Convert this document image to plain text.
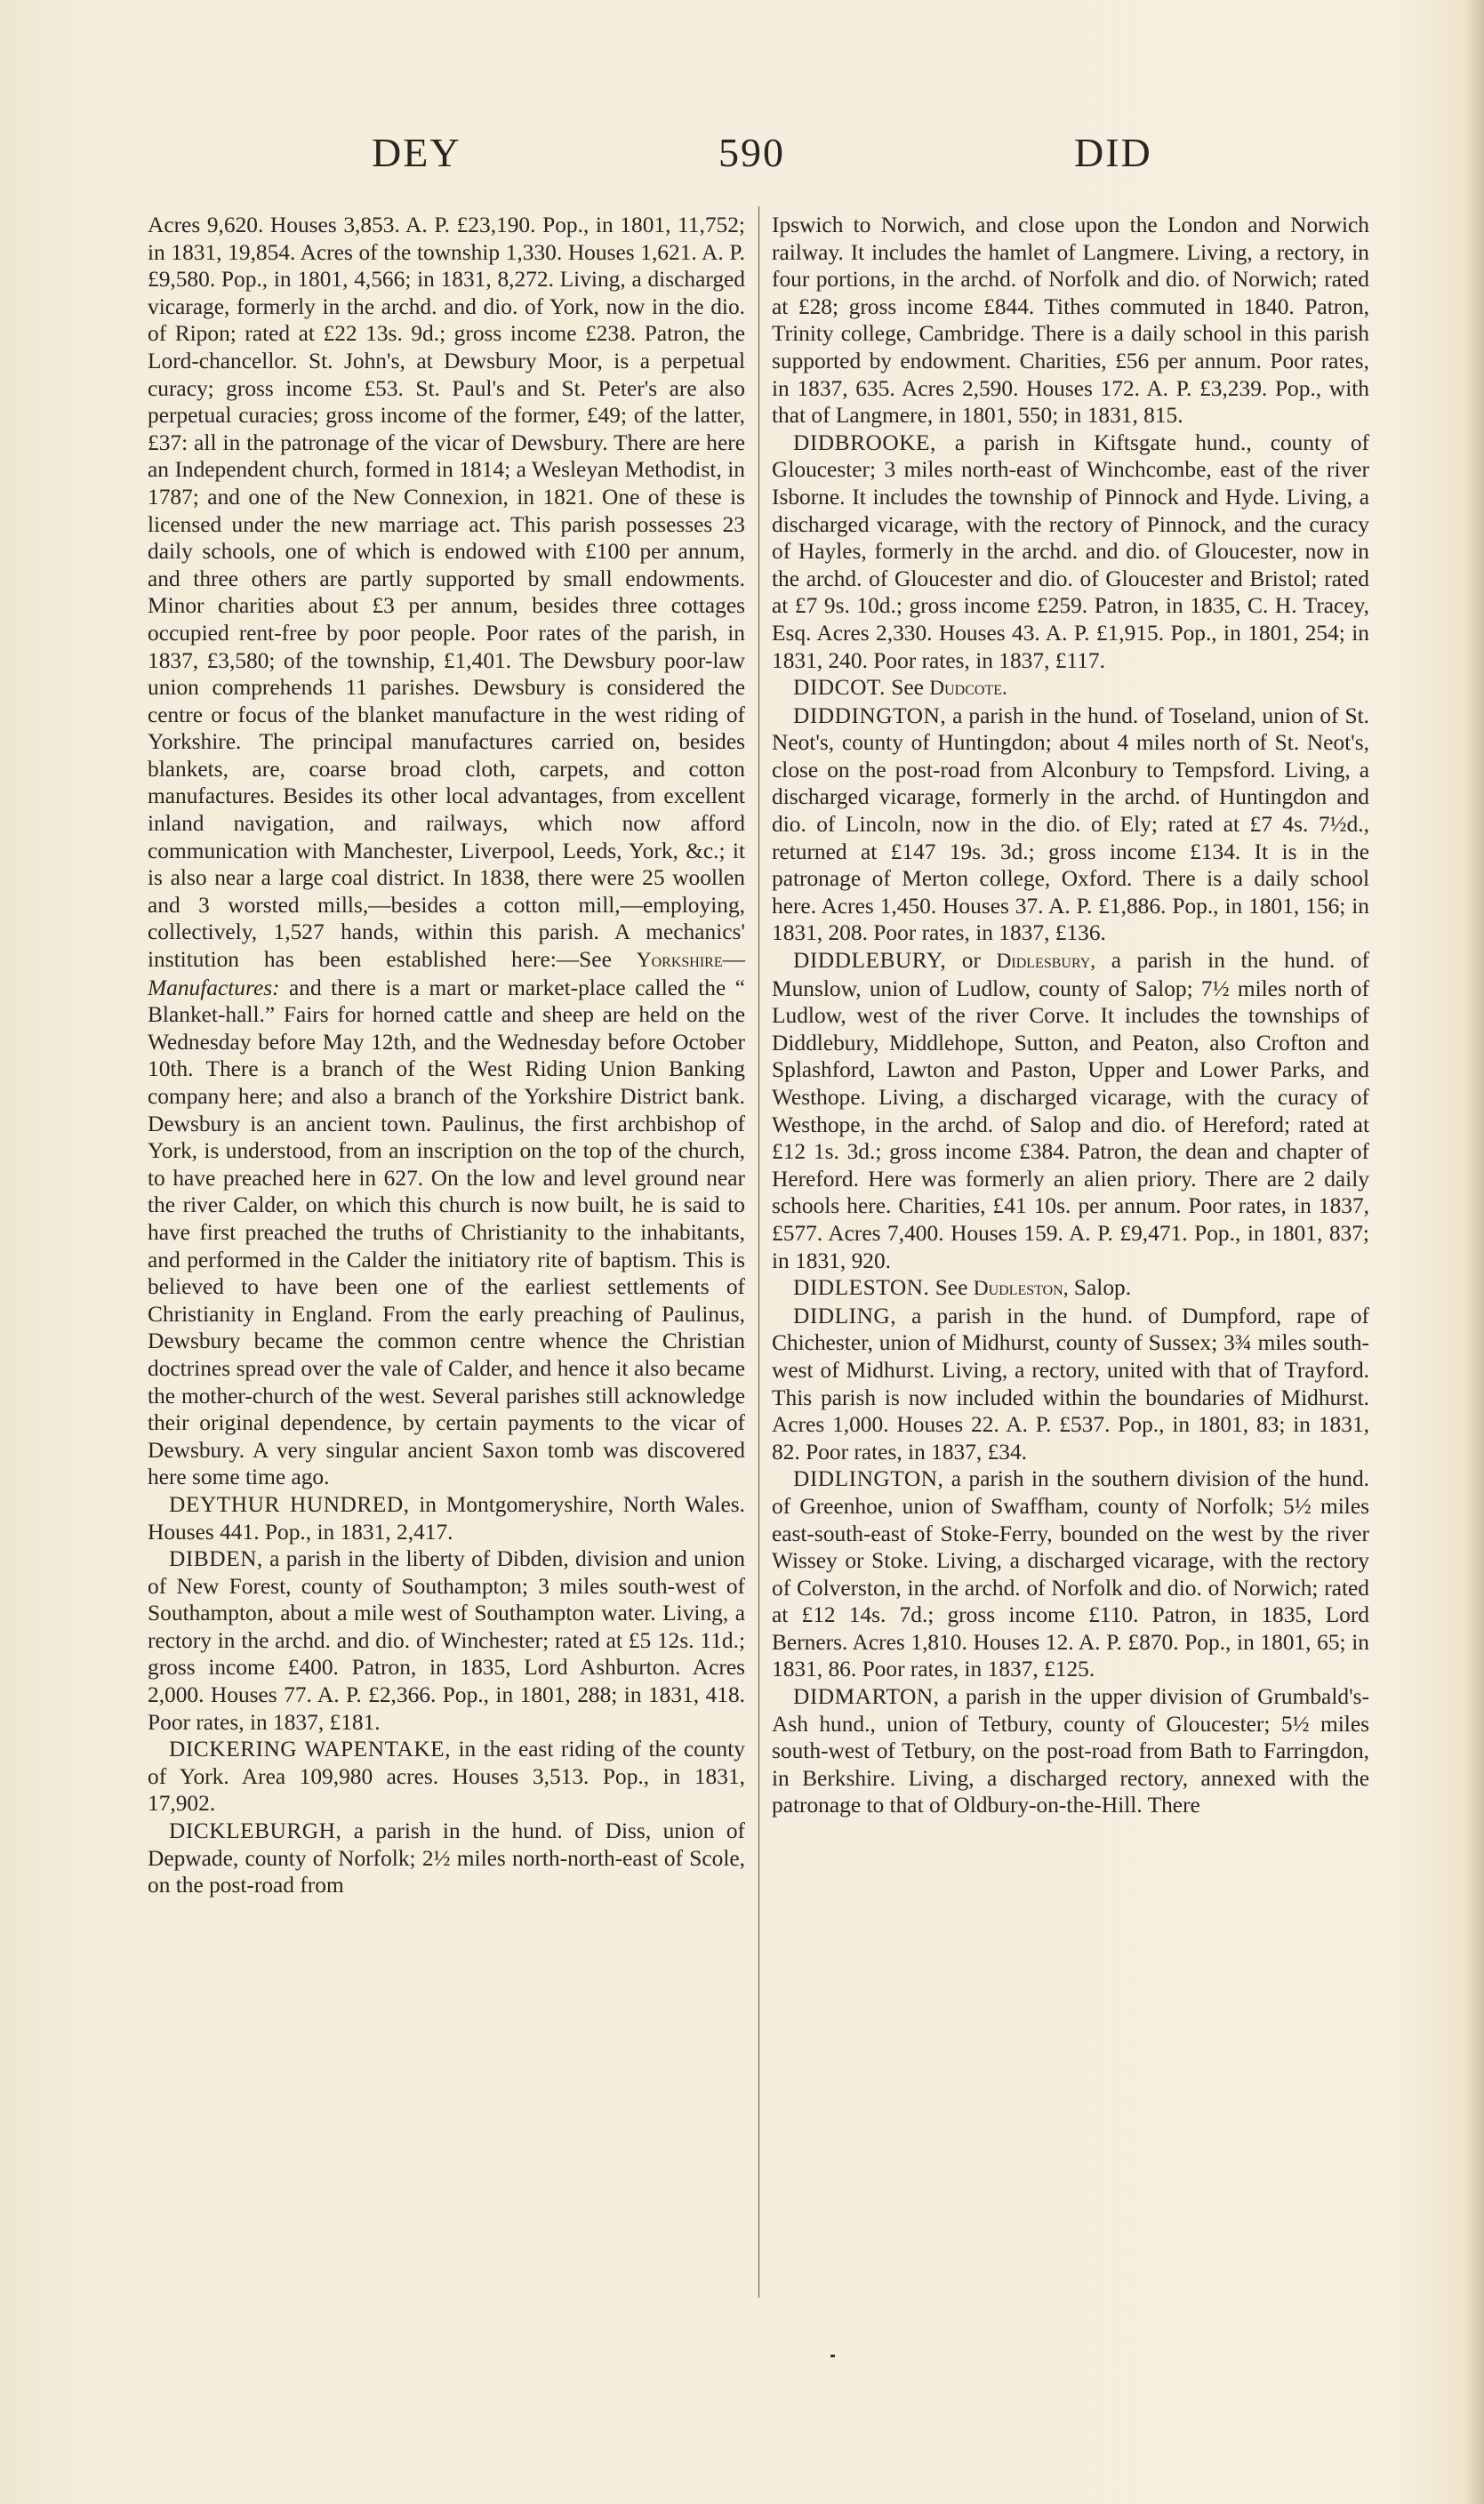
DEY	590	DID

Acres 9,620. Houses 3,853. A. P. £23,190. Pop., in 1801, 11,752; in 1831, 19,854. Acres of the township 1,330. Houses 1,621. A. P. £9,580. Pop., in 1801, 4,566; in 1831, 8,272. Living, a discharged vicarage, formerly in the archd. and dio. of York, now in the dio. of Ripon; rated at £22 13s. 9d.; gross income £238. Patron, the Lord-chancellor. St. John's, at Dewsbury Moor, is a perpetual curacy; gross income £53. St. Paul's and St. Peter's are also perpetual curacies; gross income of the former, £49; of the latter, £37: all in the patronage of the vicar of Dewsbury. There are here an Independent church, formed in 1814; a Wesleyan Methodist, in 1787; and one of the New Connexion, in 1821. One of these is licensed under the new marriage act. This parish possesses 23 daily schools, one of which is endowed with £100 per annum, and three others are partly supported by small endowments. Minor charities about £3 per annum, besides three cottages occupied rent-free by poor people. Poor rates of the parish, in 1837, £3,580; of the township, £1,401. The Dewsbury poor-law union comprehends 11 parishes. Dewsbury is considered the centre or focus of the blanket manufacture in the west riding of Yorkshire. The principal manufactures carried on, besides blankets, are, coarse broad cloth, carpets, and cotton manufactures. Besides its other local advantages, from excellent inland navigation, and railways, which now afford communication with Manchester, Liverpool, Leeds, York, &c.; it is also near a large coal district. In 1838, there were 25 woollen and 3 worsted mills,—besides a cotton mill,—employing, collectively, 1,527 hands, within this parish. A mechanics' institution has been established here:—See Yorkshire—Manufactures: and there is a mart or market-place called the “ Blanket-hall.” Fairs for horned cattle and sheep are held on the Wednesday before May 12th, and the Wednesday before October 10th. There is a branch of the West Riding Union Banking company here; and also a branch of the Yorkshire District bank. Dewsbury is an ancient town. Paulinus, the first archbishop of York, is understood, from an inscription on the top of the church, to have preached here in 627. On the low and level ground near the river Calder, on which this church is now built, he is said to have first preached the truths of Christianity to the inhabitants, and performed in the Calder the initiatory rite of baptism. This is believed to have been one of the earliest settlements of Christianity in England. From the early preaching of Paulinus, Dewsbury became the common centre whence the Christian doctrines spread over the vale of Calder, and hence it also became the mother-church of the west. Several parishes still acknowledge their original dependence, by certain payments to the vicar of Dewsbury. A very singular ancient Saxon tomb was discovered here some time ago.

DEYTHUR HUNDRED, in Montgomeryshire, North Wales. Houses 441. Pop., in 1831, 2,417.

DIBDEN, a parish in the liberty of Dibden, division and union of New Forest, county of Southampton; 3 miles south-west of Southampton, about a mile west of Southampton water. Living, a rectory in the archd. and dio. of Winchester; rated at £5 12s. 11d.; gross income £400. Patron, in 1835, Lord Ashburton. Acres 2,000. Houses 77. A. P. £2,366. Pop., in 1801, 288; in 1831, 418. Poor rates, in 1837, £181.

DICKERING WAPENTAKE, in the east riding of the county of York. Area 109,980 acres. Houses 3,513. Pop., in 1831, 17,902.

DICKLEBURGH, a parish in the hund. of Diss, union of Depwade, county of Norfolk; 2½ miles north-north-east of Scole, on the post-road from

Ipswich to Norwich, and close upon the London and Norwich railway. It includes the hamlet of Langmere. Living, a rectory, in four portions, in the archd. of Norfolk and dio. of Norwich; rated at £28; gross income £844. Tithes commuted in 1840. Patron, Trinity college, Cambridge. There is a daily school in this parish supported by endowment. Charities, £56 per annum. Poor rates, in 1837, 635. Acres 2,590. Houses 172. A. P. £3,239. Pop., with that of Langmere, in 1801, 550; in 1831, 815.

DIDBROOKE, a parish in Kiftsgate hund., county of Gloucester; 3 miles north-east of Winchcombe, east of the river Isborne. It includes the township of Pinnock and Hyde. Living, a discharged vicarage, with the rectory of Pinnock, and the curacy of Hayles, formerly in the archd. and dio. of Gloucester, now in the archd. of Gloucester and dio. of Gloucester and Bristol; rated at £7 9s. 10d.; gross income £259. Patron, in 1835, C. H. Tracey, Esq. Acres 2,330. Houses 43. A. P. £1,915. Pop., in 1801, 254; in 1831, 240. Poor rates, in 1837, £117.

DIDCOT. See Dudcote.

DIDDINGTON, a parish in the hund. of Toseland, union of St. Neot's, county of Huntingdon; about 4 miles north of St. Neot's, close on the post-road from Alconbury to Tempsford. Living, a discharged vicarage, formerly in the archd. of Huntingdon and dio. of Lincoln, now in the dio. of Ely; rated at £7 4s. 7½d., returned at £147 19s. 3d.; gross income £134. It is in the patronage of Merton college, Oxford. There is a daily school here. Acres 1,450. Houses 37. A. P. £1,886. Pop., in 1801, 156; in 1831, 208. Poor rates, in 1837, £136.

DIDDLEBURY, or Didlesbury, a parish in the hund. of Munslow, union of Ludlow, county of Salop; 7½ miles north of Ludlow, west of the river Corve. It includes the townships of Diddlebury, Middlehope, Sutton, and Peaton, also Crofton and Splashford, Lawton and Paston, Upper and Lower Parks, and Westhope. Living, a discharged vicarage, with the curacy of Westhope, in the archd. of Salop and dio. of Hereford; rated at £12 1s. 3d.; gross income £384. Patron, the dean and chapter of Hereford. Here was formerly an alien priory. There are 2 daily schools here. Charities, £41 10s. per annum. Poor rates, in 1837, £577. Acres 7,400. Houses 159. A. P. £9,471. Pop., in 1801, 837; in 1831, 920.

DIDLESTON. See Dudleston, Salop.

DIDLING, a parish in the hund. of Dumpford, rape of Chichester, union of Midhurst, county of Sussex; 3¾ miles south-west of Midhurst. Living, a rectory, united with that of Trayford. This parish is now included within the boundaries of Midhurst. Acres 1,000. Houses 22. A. P. £537. Pop., in 1801, 83; in 1831, 82. Poor rates, in 1837, £34.

DIDLINGTON, a parish in the southern division of the hund. of Greenhoe, union of Swaffham, county of Norfolk; 5½ miles east-south-east of Stoke-Ferry, bounded on the west by the river Wissey or Stoke. Living, a discharged vicarage, with the rectory of Colverston, in the archd. of Norfolk and dio. of Norwich; rated at £12 14s. 7d.; gross income £110. Patron, in 1835, Lord Berners. Acres 1,810. Houses 12. A. P. £870. Pop., in 1801, 65; in 1831, 86. Poor rates, in 1837, £125.

DIDMARTON, a parish in the upper division of Grumbald's-Ash hund., union of Tetbury, county of Gloucester; 5½ miles south-west of Tetbury, on the post-road from Bath to Farringdon, in Berkshire. Living, a discharged rectory, annexed with the patronage to that of Oldbury-on-the-Hill. There
